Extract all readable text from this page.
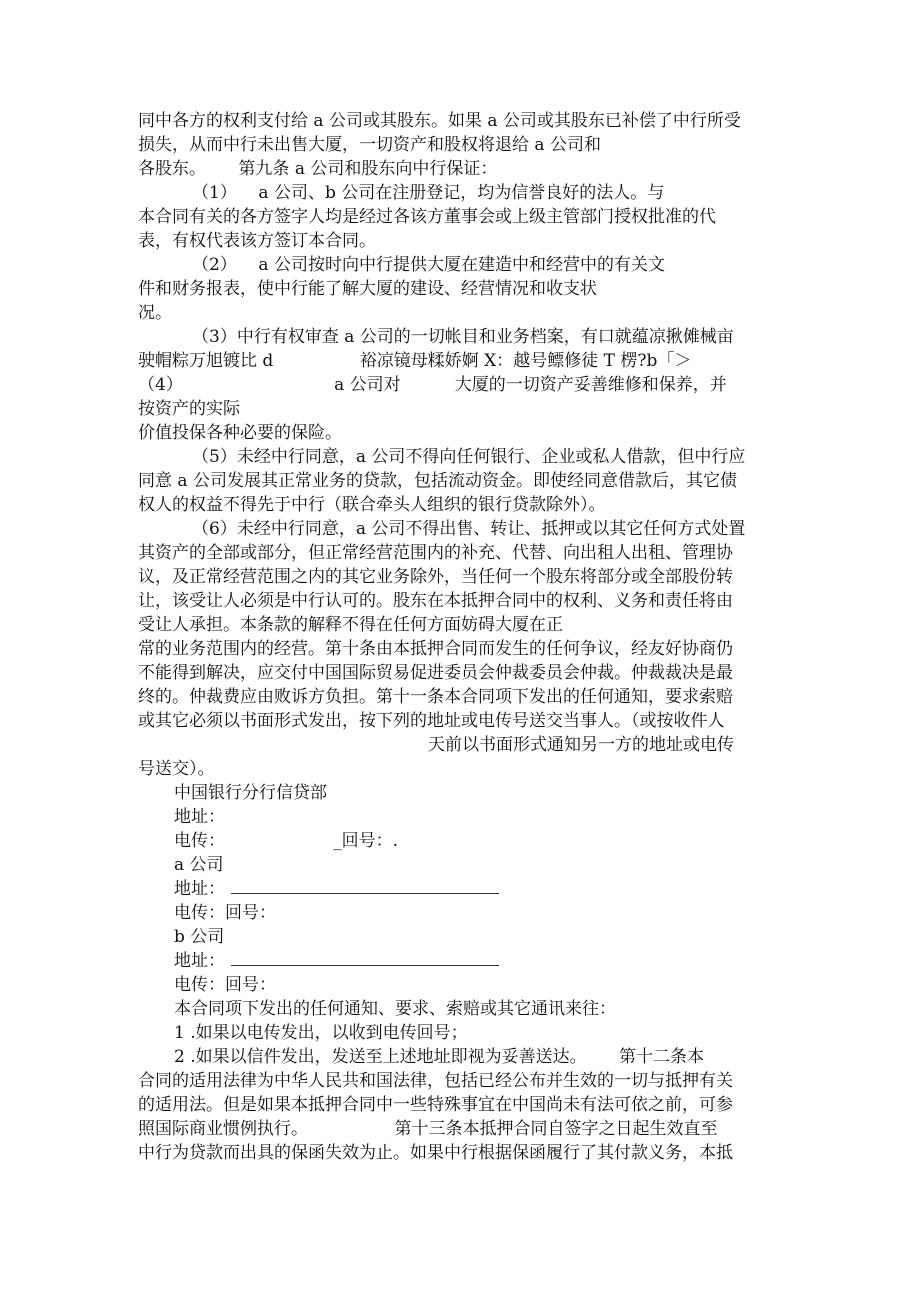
同中各方的权利支付给 a 公司或其股东。如果 a 公司或其股东已补偿了中行所受
损失，从而中行未出售大厦，一切资产和股权将退给 a 公司和
各股东。      第九条 a 公司和股东向中行保证：
（1）    a 公司、b 公司在注册登记，均为信誉良好的法人。与
本合同有关的各方签字人均是经过各该方董事会或上级主管部门授权批准的代
表，有权代表该方签订本合同。
（2）    a 公司按时向中行提供大厦在建造中和经营中的有关文
件和财务报表，使中行能了解大厦的建设、经营情况和收支状
况。
（3）中行有权审查 a 公司的一切帐目和业务档案，有口就蕴凉揪傩械亩
驶帽粽万旭镀比 d                裕凉镜母糅娇婀 X：越号鳔修徒 T 楞?b「＞
（4）                            a 公司对          大厦的一切资产妥善维修和保养，并
按资产的实际
价值投保各种必要的保险。
（5）未经中行同意，a 公司不得向任何银行、企业或私人借款，但中行应
同意 a 公司发展其正常业务的贷款，包括流动资金。即使经同意借款后，其它债
权人的权益不得先于中行（联合牵头人组织的银行贷款除外）。
（6）未经中行同意，a 公司不得出售、转让、抵押或以其它任何方式处置
其资产的全部或部分，但正常经营范围内的补充、代替、向出租人出租、管理协
议，及正常经营范围之内的其它业务除外，当任何一个股东将部分或全部股份转
让，该受让人必须是中行认可的。股东在本抵押合同中的权利、义务和责任将由
受让人承担。本条款的解释不得在任何方面妨碍大厦在正
常的业务范围内的经营。第十条由本抵押合同而发生的任何争议，经友好协商仍
不能得到解决，应交付中国国际贸易促进委员会仲裁委员会仲裁。仲裁裁决是最
终的。仲裁费应由败诉方负担。第十一条本合同项下发出的任何通知，要求索赔
或其它必须以书面形式发出，按下列的地址或电传号送交当事人。（或按收件人
天前以书面形式通知另一方的地址或电传
号送交）。
中国银行分行信贷部
地址：
电传：                    _回号：.
a 公司
地址：
电传：回号：
b 公司
地址：
电传：回号：
本合同项下发出的任何通知、要求、索赔或其它通讯来往：
1 .如果以电传发出，以收到电传回号；
2 .如果以信件发出，发送至上述地址即视为妥善送达。      第十二条本
合同的适用法律为中华人民共和国法律，包括已经公布并生效的一切与抵押有关
的适用法。但是如果本抵押合同中一些特殊事宜在中国尚未有法可依之前，可参
照国际商业惯例执行。                第十三条本抵押合同自签字之日起生效直至
中行为贷款而出具的保函失效为止。如果中行根据保函履行了其付款义务，本抵
